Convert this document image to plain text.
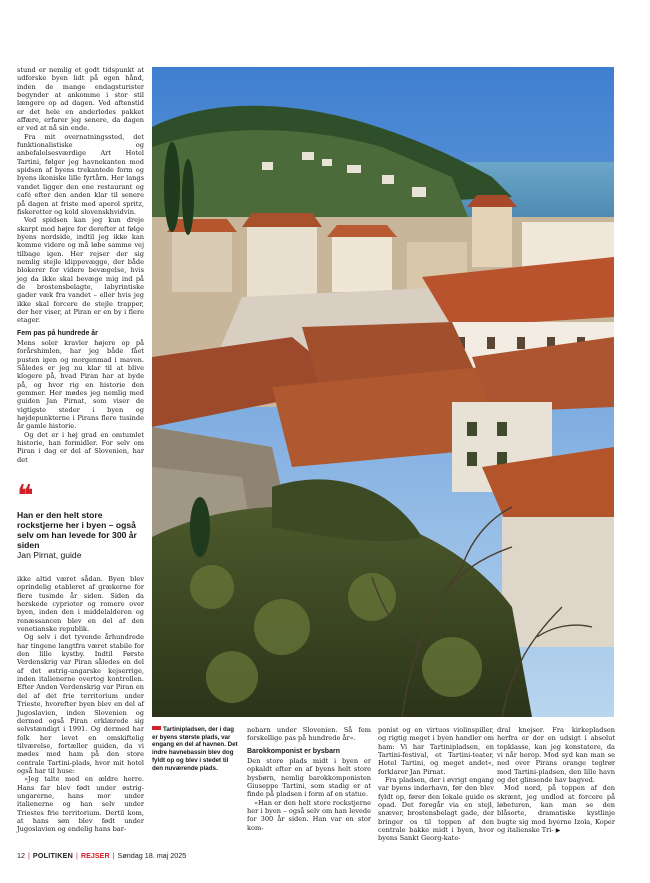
stund er nemlig et godt tidspunkt at udforske byen lidt på egen hånd, inden de mange endagsturister begynder at ankomme i stor stil længere op ad dagen. Ved aftenstid er det hele en anderledes pakket affære, erfarer jeg senere, da dagen er ved at nå sin ende.

Fra mit overnatningssted, det funktionalistiske og anbefalelsesværdige Art Hotel Tartini, følger jeg havnekanten mod spidsen af byens trekantede form og byens ikoniske lille fyrtårn. Her langs vandet ligger den ene restaurant og café efter den anden klar til senere på dagen at friste med aperol spritz, fiskeretter og kold slovenskhvidvin.

Ved spidsen kan jeg kun dreje skarpt mod højre for derefter at følge byens nordside, indtil jeg ikke kan komme videre og må løbe samme vej tilbage igen. Her rejser der sig nemlig stejle klippevægge, der både blokerer for videre bevægelse, hvis jeg da ikke skal bevæge mig ind på de brostensbelagte, labyrintiske gader væk fra vandet – eller hvis jeg ikke skal forcere de stejle trapper, der her viser, at Piran er en by i flere etager.

Fem pas på hundrede år

Mens soler kravler højere op på forårshimlen, har jeg både fået pusten igen og morgenmad i maven. Således er jeg nu klar til at blive klogere på, hvad Piran har at byde på, og hvor rig en historie den gemmer. Her mødes jeg nemlig med guiden Jan Pirnat, som viser de vigtigste steder i byen og højdepunkterne i Pirans flere tusinde år gamle historie.

Og det er i høj grad en omtumlet historie, han formidler. For selv om Piran i dag er del af Slovenien, har det

❛❛
Han er den helt store rockstjerne her i byen – også selv om han levede for 300 år siden
Jan Pirnat, guide

ikke altid været sådan. Byen blev oprindelig etableret af grækerne for flere tusinde år siden. Siden da herskede cyprioter og romere over byen, inden den i middelalderen og renæssancen blev en del af den venetianske republik.

Og selv i det tyvende århundrede har tingene langtfra været stabile for den lille kystby. Indtil Første Verdenskrig var Piran således en del af det østrig-ungarske kejserrige, inden italienerne overtog kontrollen. Efter Anden Verdenskrig var Piran en del af det frie territorium under Trieste, hvorefter byen blev en del af Jugoslavien, inden Slovenien og dermed også Piran erklærede sig selvstændigt i 1991. Og dermed har folk her levet en omskiftelig tilværelse, fortæller guiden, da vi mødes med ham på den store centrale Tartini-plads, hvor mit hotel også har til huse:

»Jeg talte med en ældre herre. Hans far blev født under østrig-ungarerne, hans mor under italienerne og han selv under Triestes frie territorium. Dertil kom, at hans søn blev født under Jugoslavien og endelig hans bar-

Tartinipladsen, der i dag er byens største plads, var engang en del af havnen. Det indre havnebassin blev dog fyldt op og blev i stedet til den nuværende plads.

nebarn under Slovenien. Så fem forskellige pas på hundrede år«.

Barokkomponist er bysbarn

Den store plads midt i byen er opkaldt efter en af byens helt store bysbørn, nemlig barokkomponisten Giuseppe Tartini, som stadig er at finde på pladsen i form af en statue.

»Han er den helt store rockstjerne her i byen – også selv om han levede for 300 år siden. Han var en stor kom-

ponist og en virtuos violinspiller, og rigtig meget i byen handler om ham: Vi har Tartinipladsen, en Tartini-festival, et Tartini-teater, Hotel Tartini, og meget andet«, forklarer Jan Pirnat.

Fra pladsen, der i øvrigt engang var byens inderhavn, før den blev fyldt op, fører den lokale guide os opad. Det foregår via en stejl, snæver, brostensbelagt gade, der bringer os til toppen af den centrale bakke midt i byen, hvor byens Sankt Georg-kate-

dral knejser. Fra kirkepladsen herfra er der en udsigt i absolut topklasse, kan jeg konstatere, da vi når herop. Mod syd kan man se ned over Pirans orange teglrør mod Tartini-pladsen, den lille havn og det glinsende hav bagved.

Mod nord, på toppen af den skrænt, jeg undlod at forcere på løbeturen, kan man se den blåsorte, dramatiske kystlinje bugte sig mod byerne Izola, Koper og italienske Tri- ▶

12 | POLITIKEN | REJSER | Søndag 18. maj 2025
